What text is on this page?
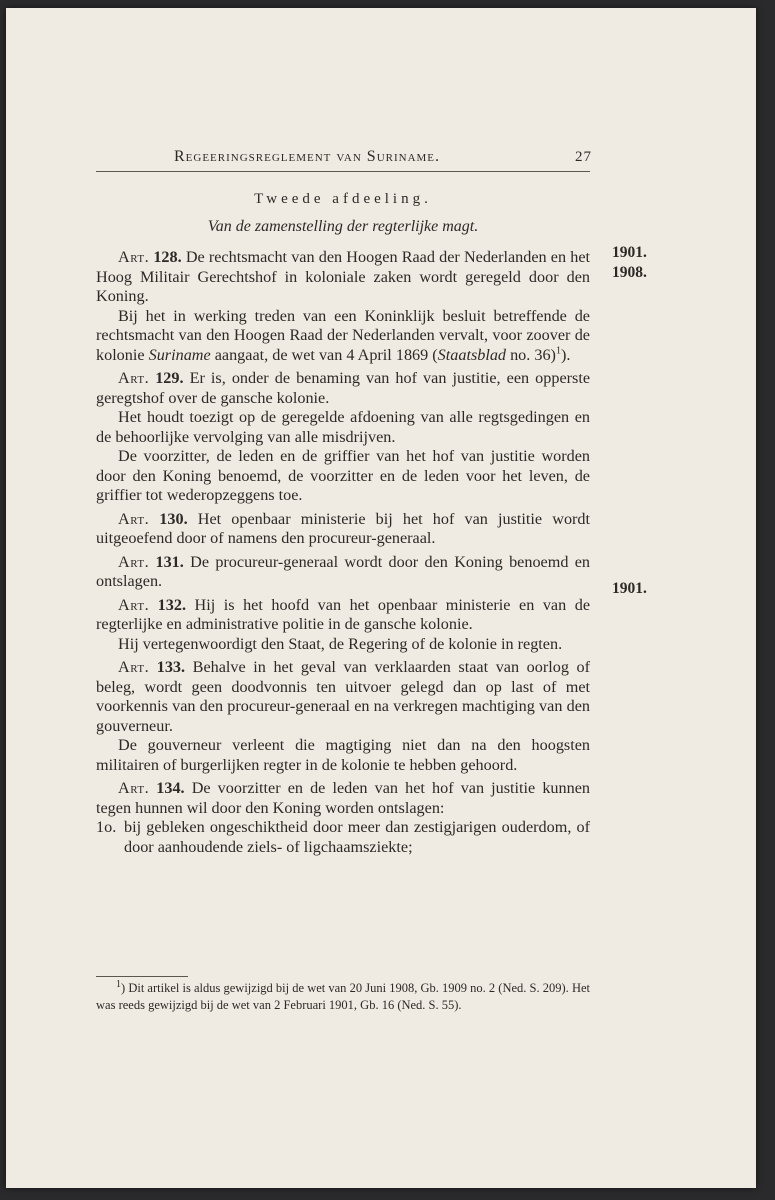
Regeeringsreglement van Suriname.	27
Tweede afdeeling.
Van de zamenstelling der regterlijke magt.
1901.
1908.
1901.

Art. 128. De rechtsmacht van den Hoogen Raad der Nederlanden en het Hoog Militair Gerechtshof in koloniale zaken wordt geregeld door den Koning.

Bij het in werking treden van een Koninklijk besluit betreffende de rechtsmacht van den Hoogen Raad der Nederlanden vervalt, voor zoover de kolonie Suriname aangaat, de wet van 4 April 1869 (Staatsblad no. 36)$^1$).

Art. 129. Er is, onder de benaming van hof van justitie, een opperste geregtshof over de gansche kolonie.

Het houdt toezigt op de geregelde afdoening van alle regtsgedingen en de behoorlijke vervolging van alle misdrijven.

De voorzitter, de leden en de griffier van het hof van justitie worden door den Koning benoemd, de voorzitter en de leden voor het leven, de griffier tot wederopzeggens toe.

Art. 130. Het openbaar ministerie bij het hof van justitie wordt uitgeoefend door of namens den procureur-generaal.

Art. 131. De procureur-generaal wordt door den Koning benoemd en ontslagen.

Art. 132. Hij is het hoofd van het openbaar ministerie en van de regterlijke en administrative politie in de gansche kolonie.

Hij vertegenwoordigt den Staat, de Regering of de kolonie in regten.

Art. 133. Behalve in het geval van verklaarden staat van oorlog of beleg, wordt geen doodvonnis ten uitvoer gelegd dan op last of met voorkennis van den procureur-generaal en na verkregen machtiging van den gouverneur.

De gouverneur verleent die magtiging niet dan na den hoogsten militairen of burgerlijken regter in de kolonie te hebben gehoord.

Art. 134. De voorzitter en de leden van het hof van justitie kunnen tegen hunnen wil door den Koning worden ontslagen:

1o. bij gebleken ongeschiktheid door meer dan zestigjarigen ouderdom, of door aanhoudende ziels- of ligchaamsziekte;

$^1$) Dit artikel is aldus gewijzigd bij de wet van 20 Juni 1908, Gb. 1909 no. 2 (Ned. S. 209). Het was reeds gewijzigd bij de wet van 2 Februari 1901, Gb. 16 (Ned. S. 55).
